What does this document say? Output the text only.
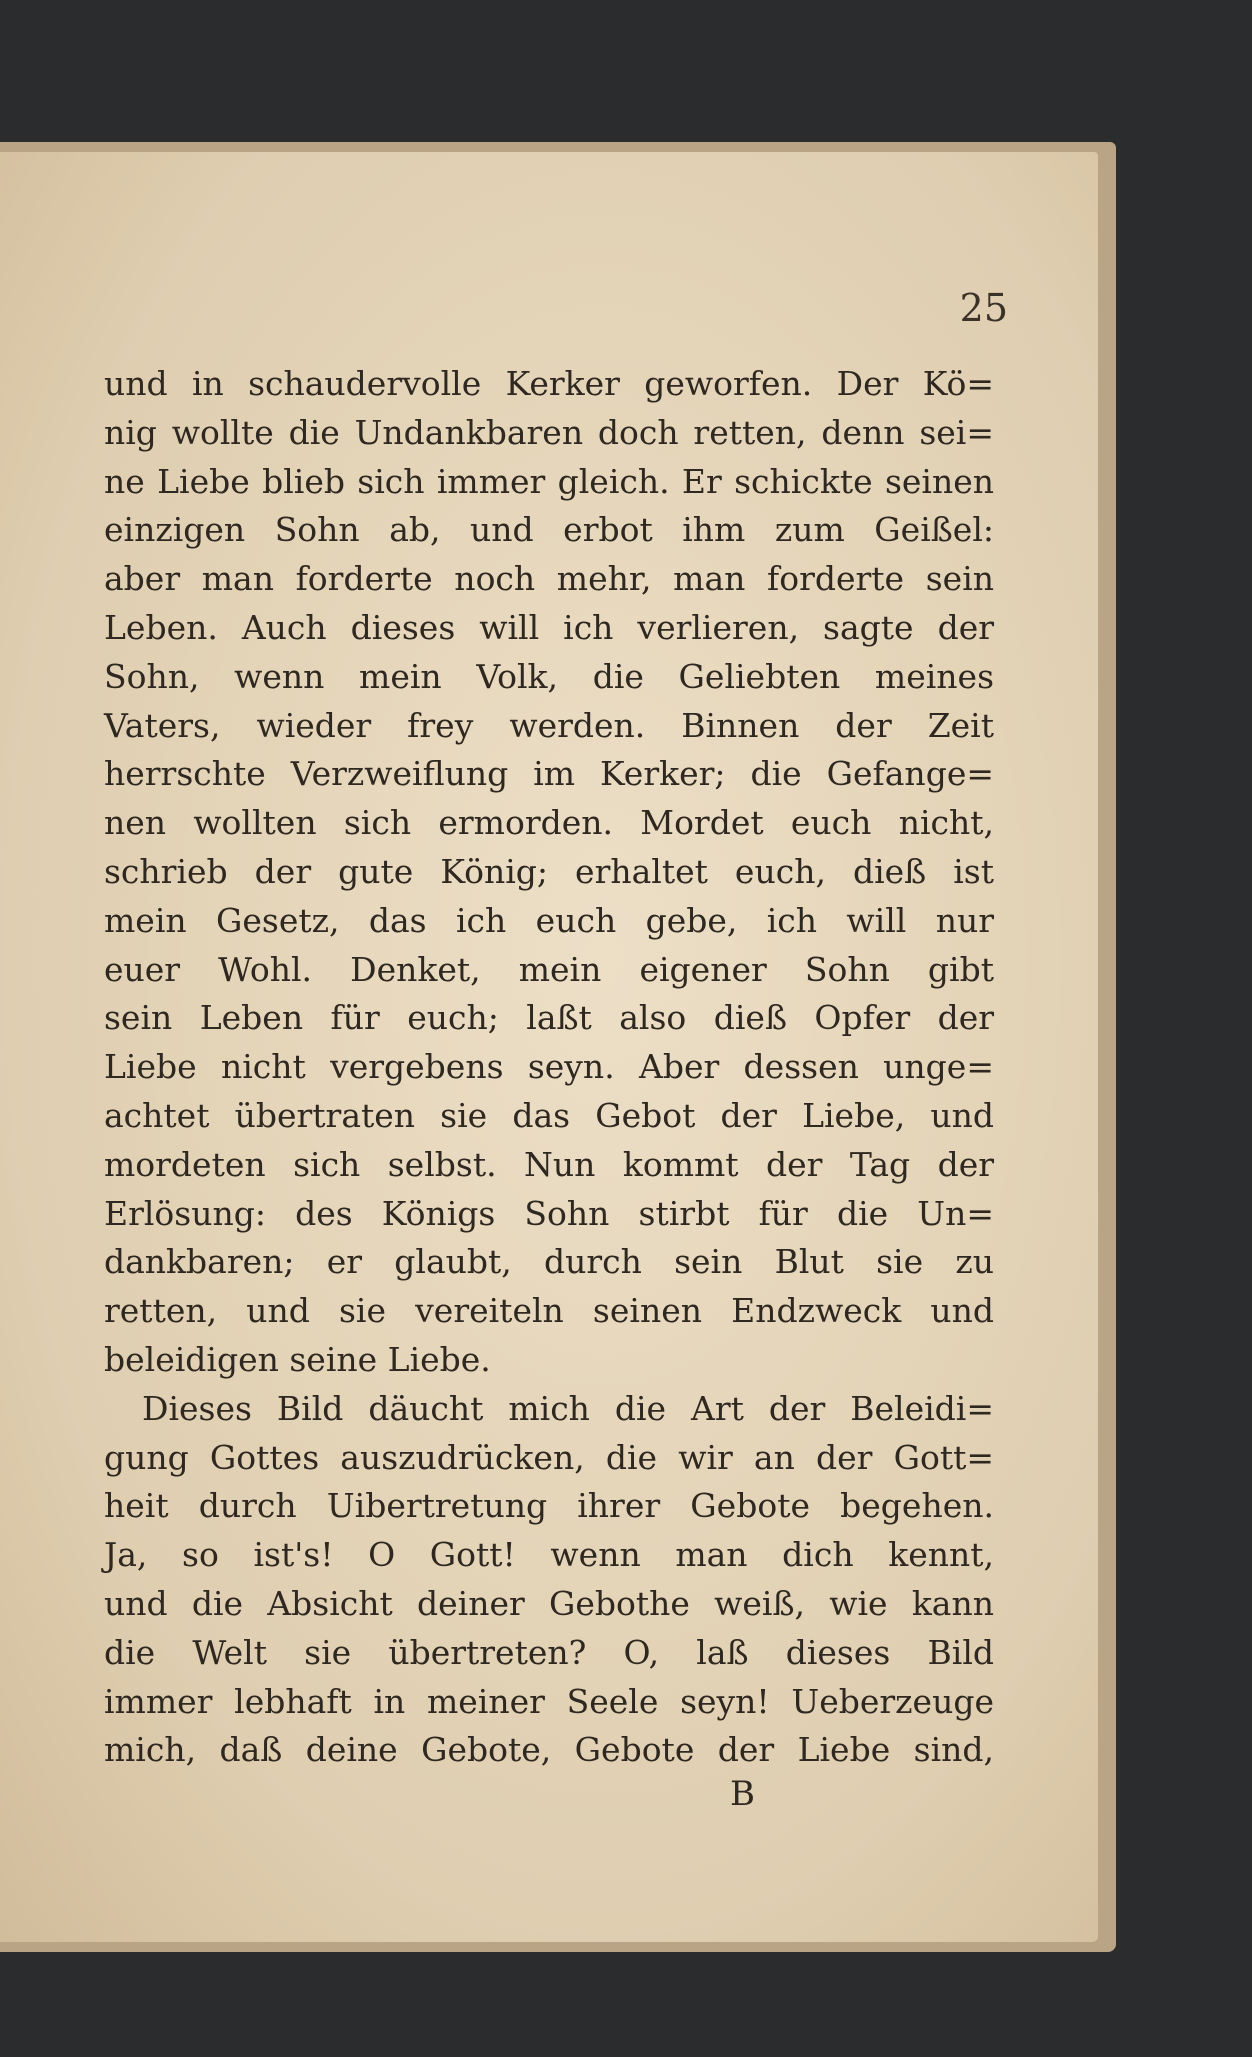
25
und in schaudervolle Kerker geworfen. Der Kö=
nig wollte die Undankbaren doch retten, denn sei=
ne Liebe blieb sich immer gleich. Er schickte seinen
einzigen Sohn ab, und erbot ihm zum Geißel:
aber man forderte noch mehr, man forderte sein
Leben. Auch dieses will ich verlieren, sagte der
Sohn, wenn mein Volk, die Geliebten meines
Vaters, wieder frey werden. Binnen der Zeit
herrschte Verzweiflung im Kerker; die Gefange=
nen wollten sich ermorden. Mordet euch nicht,
schrieb der gute König; erhaltet euch, dieß ist
mein Gesetz, das ich euch gebe, ich will nur
euer Wohl. Denket, mein eigener Sohn gibt
sein Leben für euch; laßt also dieß Opfer der
Liebe nicht vergebens seyn. Aber dessen unge=
achtet übertraten sie das Gebot der Liebe, und
mordeten sich selbst. Nun kommt der Tag der
Erlösung: des Königs Sohn stirbt für die Un=
dankbaren; er glaubt, durch sein Blut sie zu
retten, und sie vereiteln seinen Endzweck und
beleidigen seine Liebe.
Dieses Bild däucht mich die Art der Beleidi=
gung Gottes auszudrücken, die wir an der Gott=
heit durch Uibertretung ihrer Gebote begehen.
Ja, so ist's! O Gott! wenn man dich kennt,
und die Absicht deiner Gebothe weiß, wie kann
die Welt sie übertreten? O, laß dieses Bild
immer lebhaft in meiner Seele seyn! Ueberzeuge
mich, daß deine Gebote, Gebote der Liebe sind,
B
